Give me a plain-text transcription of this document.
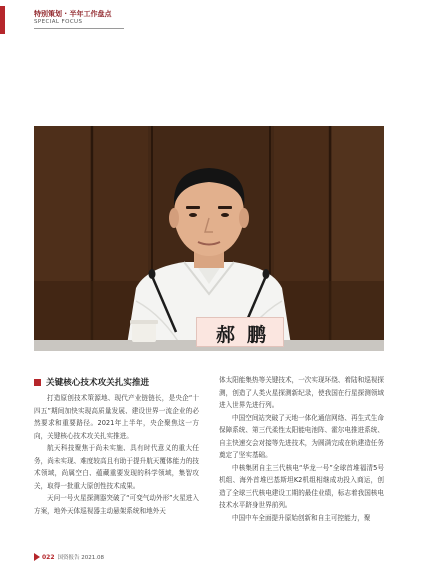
特别策划 · 半年工作盘点
SPECIAL FOCUS
郝鹏
关键核心技术攻关扎实推进

打造原创技术策源地、现代产业链链长，是央企“十四五”期间加快实现高质量发展、建设世界一流企业的必然要求和重要路径。2021年上半年，央企聚焦这一方向，关键核心技术攻关扎实推进。

航天科技聚焦于尚未实施、具有时代意义的重大任务，尚未实现、难度较高且有助于提升航天覆体能力的技术领域，尚属空白、蕴藏重要发现的科学领域，集智攻关，取得一批重大原创性技术成果。

天问一号火星探测器突破了“可变气动外形”火星进入方案，地外天体巡视器主动悬架系统和地外天

体太阳能集热等关键技术，一次实现环绕、着陆和巡视探测，创造了人类火星探测新纪录，使我国在行星探测领域进入世界先进行列。

中国空间站突破了天地一体化通信网络、再生式生命保障系统、第三代柔性太阳能电池阵、霍尔电推进系统、自主快速交会对接等先进技术，为圆满完成在轨建造任务奠定了坚实基础。

中核集团自主三代核电“华龙一号”全球首堆福清5号机组、海外首堆巴基斯坦K2机组相继成功投入商运，创造了全球三代核电建设工期的最佳业绩，标志着我国核电技术水平跻身世界前列。

中国中车全面提升原始创新和自主可控能力，聚

022 国资报告 2021.08
